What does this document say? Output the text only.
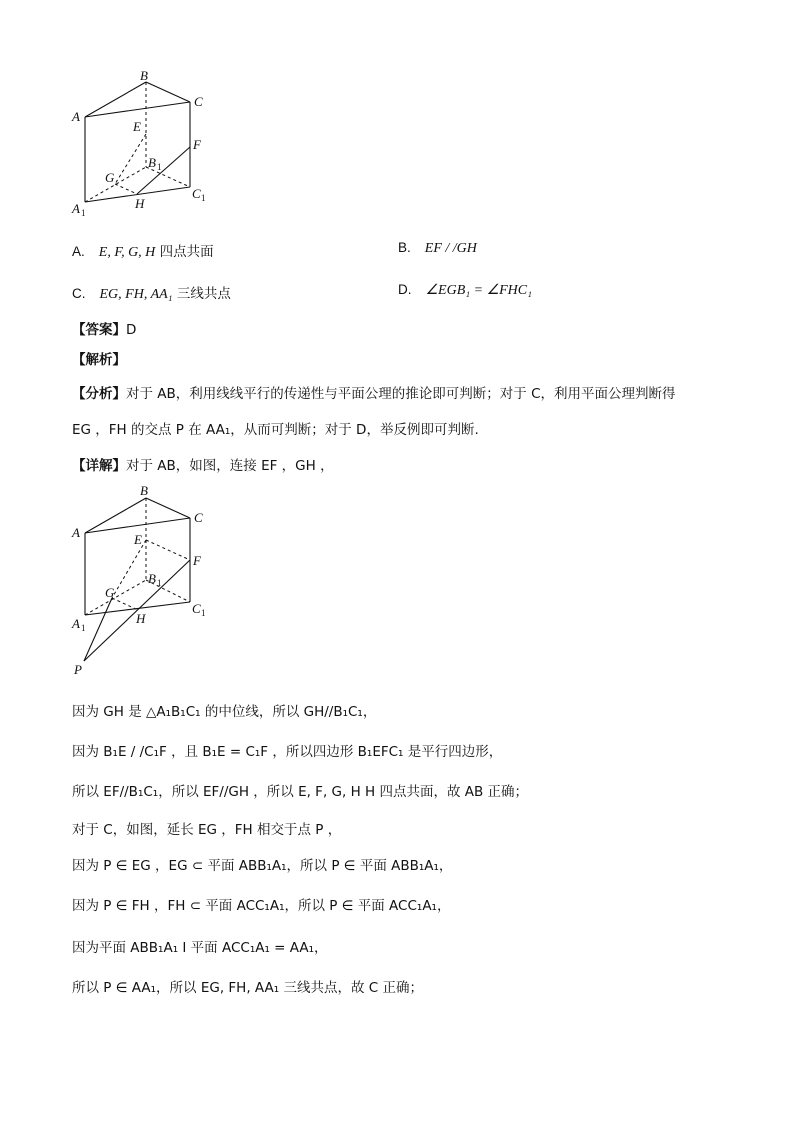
B
C
A
E
F
B 1
C 1
G
A 1
H
A. E, F, G, H 四点共面	B. EF / /GH
C. EG, FH, AA₁ 三线共点	D. ∠EGB₁ = ∠FHC₁
【答案】D
【解析】
【分析】对于 AB，利用线线平行的传递性与平面公理的推论即可判断；对于 C，利用平面公理判断得
EG ，FH 的交点 P 在 AA₁，从而可判断；对于 D，举反例即可判断.
【详解】对于 AB，如图，连接 EF ，GH ，
B
C
A	E
F
B 1
C 1
G
A 1
H
P
因为 GH 是 △A₁B₁C₁ 的中位线，所以 GH//B₁C₁，
因为 B₁E / /C₁F ，且 B₁E = C₁F ，所以四边形 B₁EFC₁ 是平行四边形，
所以 EF//B₁C₁，所以 EF//GH ，所以 E, F, G, H H 四点共面，故 AB 正确；
对于 C，如图，延长 EG ，FH 相交于点 P ，
因为 P ∈ EG ，EG ⊂ 平面 ABB₁A₁，所以 P ∈ 平面 ABB₁A₁，
因为 P ∈ FH ，FH ⊂ 平面 ACC₁A₁，所以 P ∈ 平面 ACC₁A₁，
因为平面 ABB₁A₁ I 平面 ACC₁A₁ = AA₁，
所以 P ∈ AA₁，所以 EG, FH, AA₁ 三线共点，故 C 正确；
